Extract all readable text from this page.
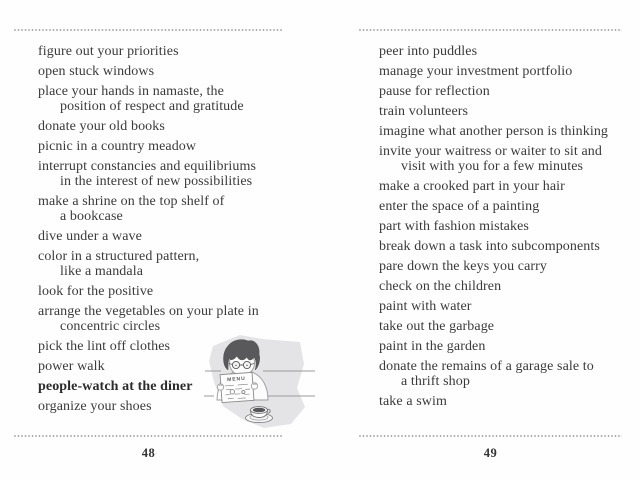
figure out your priorities
open stuck windows
place your hands in namaste, the
position of respect and gratitude
donate your old books
picnic in a country meadow
interrupt constancies and equilibriums
in the interest of new possibilities
make a shrine on the top shelf of
a bookcase
dive under a wave
color in a structured pattern,
like a mandala
look for the positive
arrange the vegetables on your plate in
concentric circles
pick the lint off clothes
power walk
people-watch at the diner
organize your shoes
48
peer into puddles
manage your investment portfolio
pause for reflection
train volunteers
imagine what another person is thinking
invite your waitress or waiter to sit and
visit with you for a few minutes
make a crooked part in your hair
enter the space of a painting
part with fashion mistakes
break down a task into subcomponents
pare down the keys you carry
check on the children
paint with water
take out the garbage
paint in the garden
donate the remains of a garage sale to
a thrift shop
take a swim
49
MENU
